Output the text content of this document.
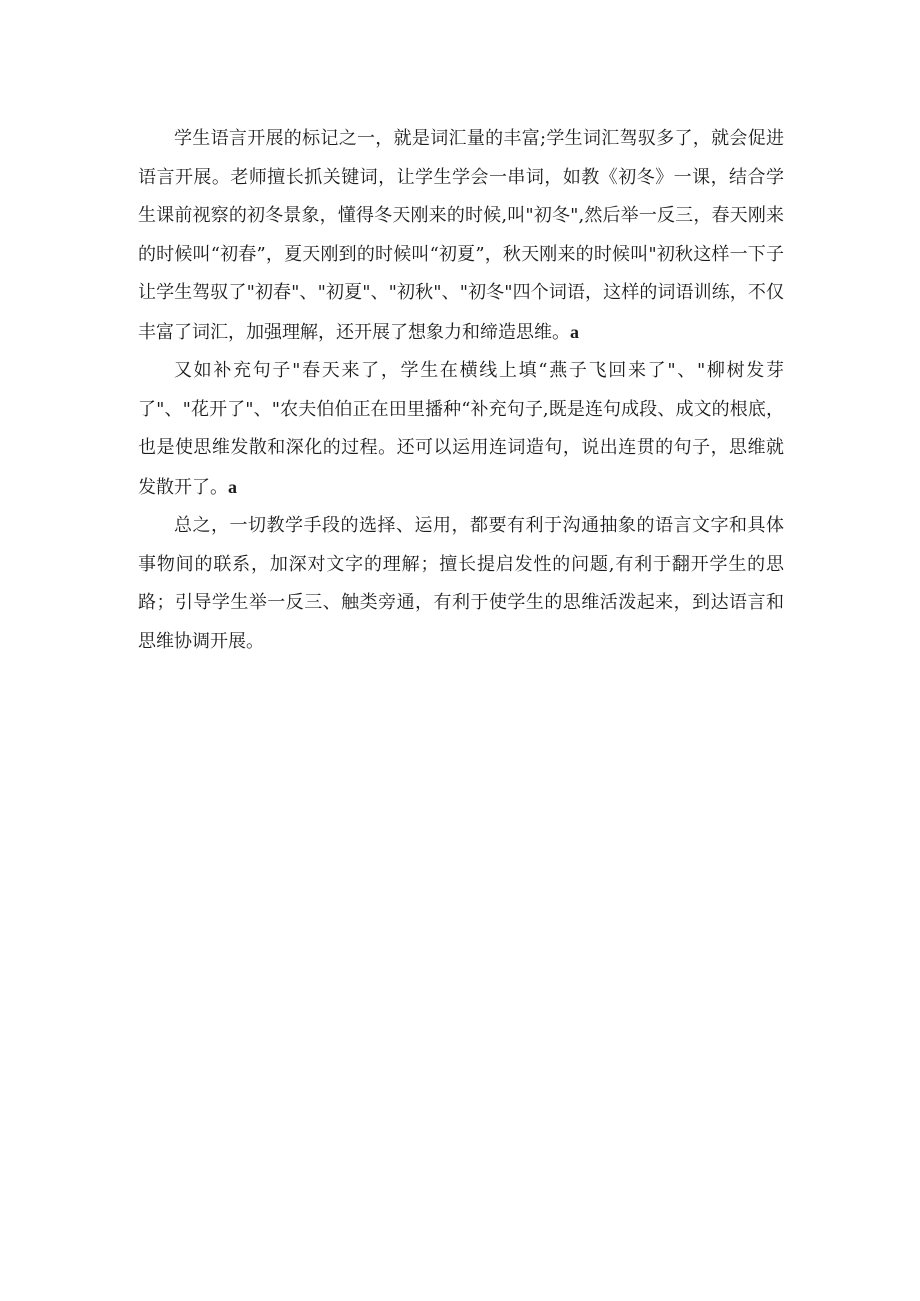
学生语言开展的标记之一，就是词汇量的丰富;学生词汇驾驭多了，就会促进语言开展。老师擅长抓关键词，让学生学会一串词，如教《初冬》一课，结合学生课前视察的初冬景象，懂得冬天刚来的时候,叫"初冬",然后举一反三，春天刚来的时候叫“初春”，夏天刚到的时候叫“初夏”，秋天刚来的时候叫"初秋这样一下子让学生驾驭了"初春"、"初夏"、"初秋"、"初冬"四个词语，这样的词语训练，不仅丰富了词汇，加强理解，还开展了想象力和缔造思维。a

又如补充句子"春天来了，学生在横线上填“燕子飞回来了"、"柳树发芽了"、"花开了"、"农夫伯伯正在田里播种“补充句子,既是连句成段、成文的根底，也是使思维发散和深化的过程。还可以运用连词造句，说出连贯的句子，思维就发散开了。a

总之，一切教学手段的选择、运用，都要有利于沟通抽象的语言文字和具体事物间的联系，加深对文字的理解；擅长提启发性的问题,有利于翻开学生的思路；引导学生举一反三、触类旁通，有利于使学生的思维活泼起来，到达语言和思维协调开展。
